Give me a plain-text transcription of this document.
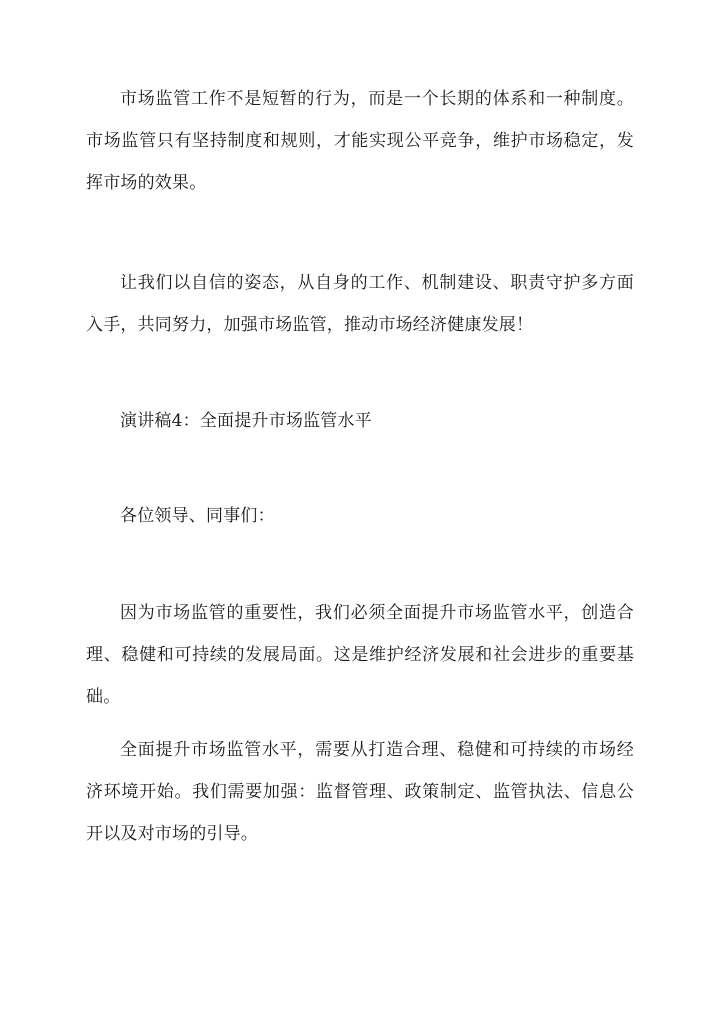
市场监管工作不是短暂的行为，而是一个长期的体系和一种制度。市场监管只有坚持制度和规则，才能实现公平竞争，维护市场稳定，发挥市场的效果。

让我们以自信的姿态，从自身的工作、机制建设、职责守护多方面入手，共同努力，加强市场监管，推动市场经济健康发展！

演讲稿4：全面提升市场监管水平

各位领导、同事们：

因为市场监管的重要性，我们必须全面提升市场监管水平，创造合理、稳健和可持续的发展局面。这是维护经济发展和社会进步的重要基础。

全面提升市场监管水平，需要从打造合理、稳健和可持续的市场经济环境开始。我们需要加强：监督管理、政策制定、监管执法、信息公开以及对市场的引导。
